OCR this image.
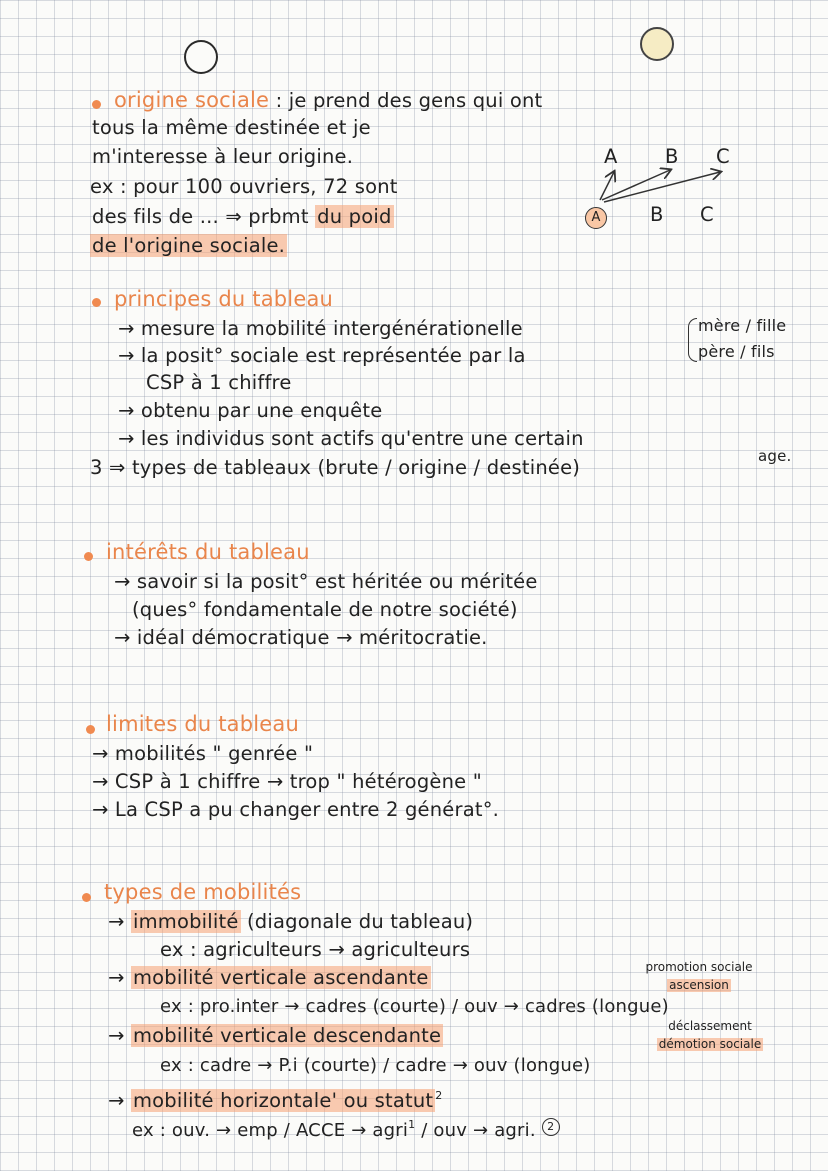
origine sociale : je prend des gens qui ont
tous la même destinée et je
m'interesse à leur origine.
ex : pour 100 ouvriers, 72 sont
des fils de ... ⇒ prbmt du poid
de l'origine sociale.
A B C
A	B C
principes du tableau
→ mesure la mobilité intergénérationelle
→ la posit° sociale est représentée par la
CSP à 1 chiffre
→ obtenu par une enquête
→ les individus sont actifs qu'entre une certain
mère / fille
père / fils
age.
3 ⇒ types de tableaux (brute / origine / destinée)
intérêts du tableau
→ savoir si la posit° est héritée ou méritée
(ques° fondamentale de notre société)
→ idéal démocratique → méritocratie.
limites du tableau
→ mobilités " genrée "
→ CSP à 1 chiffre → trop " hétérogène "
→ La CSP a pu changer entre 2 générat°.
types de mobilités
→ immobilité (diagonale du tableau)
ex : agriculteurs → agriculteurs
→ mobilité verticale ascendante	promotion sociale
ascension
ex : pro.inter → cadres (courte) / ouv → cadres (longue)
→ mobilité verticale descendante	déclassement
démotion sociale
ex : cadre → P.i (courte) / cadre → ouv (longue)
→ mobilité horizontale' ou statut $^2$
ex : ouv. → emp / ACCE → agri$^1$ / ouv → agri. 2
